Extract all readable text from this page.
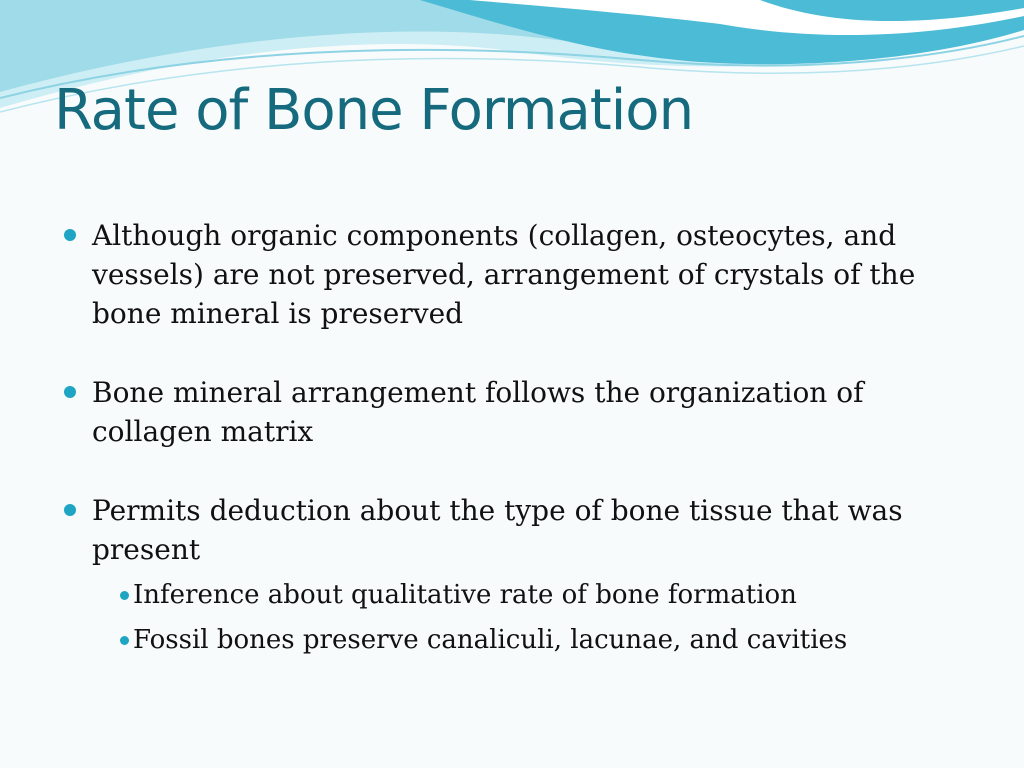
Rate of Bone Formation
Although organic components (collagen, osteocytes, and vessels) are not preserved, arrangement of crystals of the bone mineral is preserved
Bone mineral arrangement follows the organization of collagen matrix
Permits deduction about the type of bone tissue that was present
Inference about qualitative rate of bone formation
Fossil bones preserve canaliculi, lacunae, and cavities
